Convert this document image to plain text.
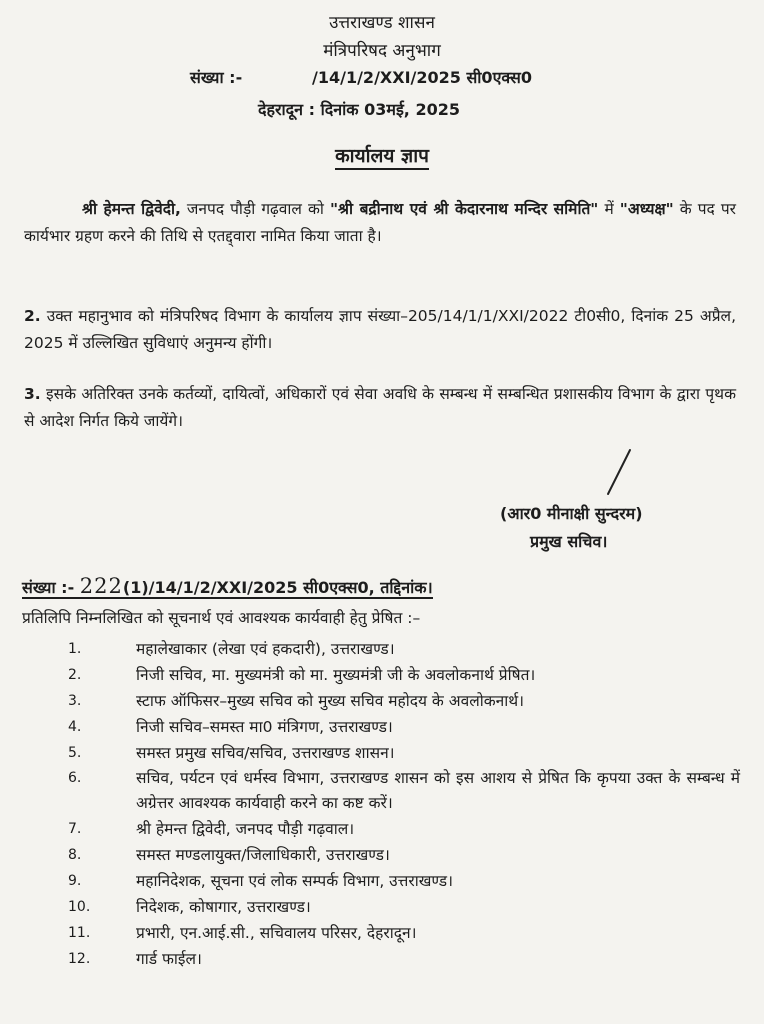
उत्तराखण्ड शासन
मंत्रिपरिषद अनुभाग
संख्या :-	/14/1/2/XXI/2025 सी0एक्स0
देहरादून : दिनांक 03मई, 2025
कार्यालय ज्ञाप
श्री हेमन्त द्विवेदी, जनपद पौड़ी गढ़वाल को "श्री बद्रीनाथ एवं श्री केदारनाथ मन्दिर समिति" में "अध्यक्ष" के पद पर कार्यभार ग्रहण करने की तिथि से एतद्द्वारा नामित किया जाता है।
2. उक्त महानुभाव को मंत्रिपरिषद विभाग के कार्यालय ज्ञाप संख्या–205/14/1/1/XXI/2022 टी0सी0, दिनांक 25 अप्रैल, 2025 में उल्लिखित सुविधाएं अनुमन्य होंगी।
3. इसके अतिरिक्त उनके कर्तव्यों, दायित्वों, अधिकारों एवं सेवा अवधि के सम्बन्ध में सम्बन्धित प्रशासकीय विभाग के द्वारा पृथक से आदेश निर्गत किये जायेंगे।
(आर0 मीनाक्षी सुन्दरम)
प्रमुख सचिव।
संख्या :- 222(1)/14/1/2/XXI/2025 सी0एक्स0, तद्दिनांक।
प्रतिलिपि निम्नलिखित को सूचनार्थ एवं आवश्यक कार्यवाही हेतु प्रेषित :–
1.	महालेखाकार (लेखा एवं हकदारी), उत्तराखण्ड।
2.	निजी सचिव, मा. मुख्यमंत्री को मा. मुख्यमंत्री जी के अवलोकनार्थ प्रेषित।
3.	स्टाफ ऑफिसर–मुख्य सचिव को मुख्य सचिव महोदय के अवलोकनार्थ।
4.	निजी सचिव–समस्त मा0 मंत्रिगण, उत्तराखण्ड।
5.	समस्त प्रमुख सचिव/सचिव, उत्तराखण्ड शासन।
6.	सचिव, पर्यटन एवं धर्मस्व विभाग, उत्तराखण्ड शासन को इस आशय से प्रेषित कि कृपया उक्त के सम्बन्ध में अग्रेत्तर आवश्यक कार्यवाही करने का कष्ट करें।
7.	श्री हेमन्त द्विवेदी, जनपद पौड़ी गढ़वाल।
8.	समस्त मण्डलायुक्त/जिलाधिकारी, उत्तराखण्ड।
9.	महानिदेशक, सूचना एवं लोक सम्पर्क विभाग, उत्तराखण्ड।
10.	निदेशक, कोषागार, उत्तराखण्ड।
11.	प्रभारी, एन.आई.सी., सचिवालय परिसर, देहरादून।
12.	गार्ड फाईल।
